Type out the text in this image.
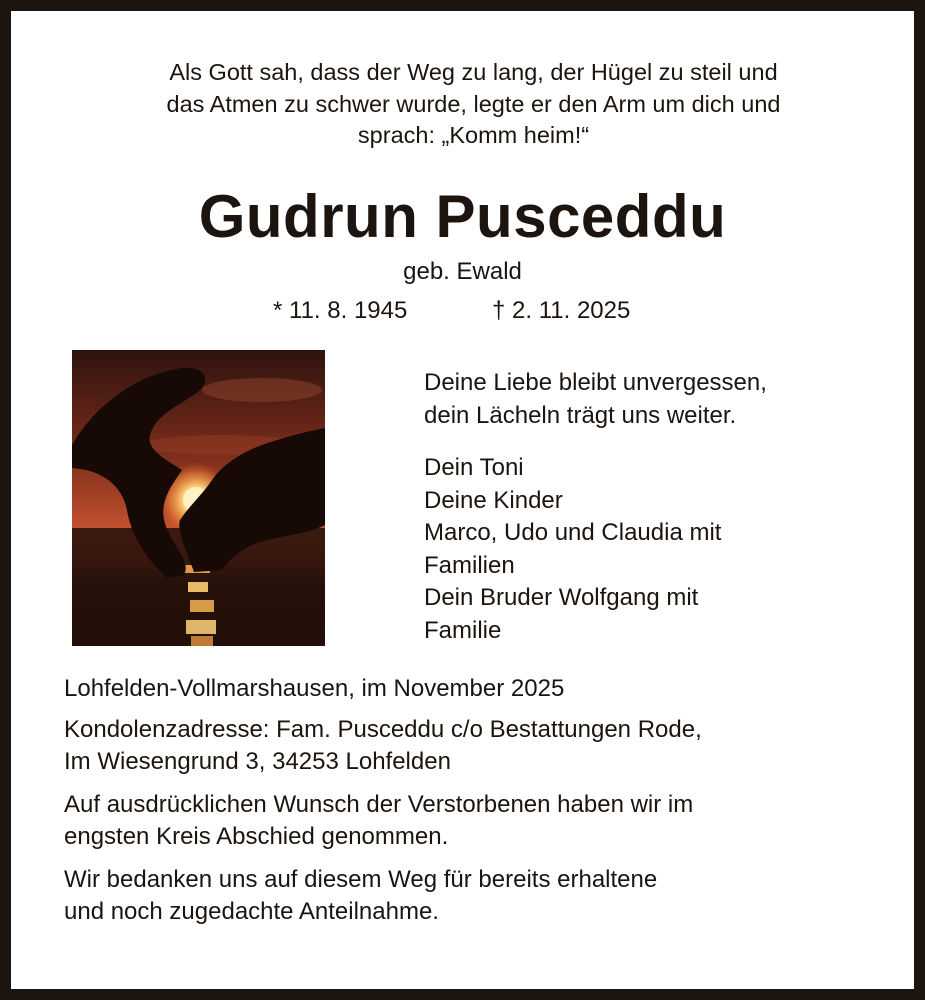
Als Gott sah, dass der Weg zu lang, der Hügel zu steil und
das Atmen zu schwer wurde, legte er den Arm um dich und
sprach: „Komm heim!“
Gudrun Pusceddu
geb. Ewald
* 11. 8. 1945	† 2. 11. 2025
Deine Liebe bleibt unvergessen,
dein Lächeln trägt uns weiter.
Dein Toni
Deine Kinder
Marco, Udo und Claudia mit
Familien
Dein Bruder Wolfgang mit
Familie
Lohfelden-Vollmarshausen, im November 2025
Kondolenzadresse: Fam. Pusceddu c/o Bestattungen Rode,
Im Wiesengrund 3, 34253 Lohfelden
Auf ausdrücklichen Wunsch der Verstorbenen haben wir im
engsten Kreis Abschied genommen.
Wir bedanken uns auf diesem Weg für bereits erhaltene
und noch zugedachte Anteilnahme.
